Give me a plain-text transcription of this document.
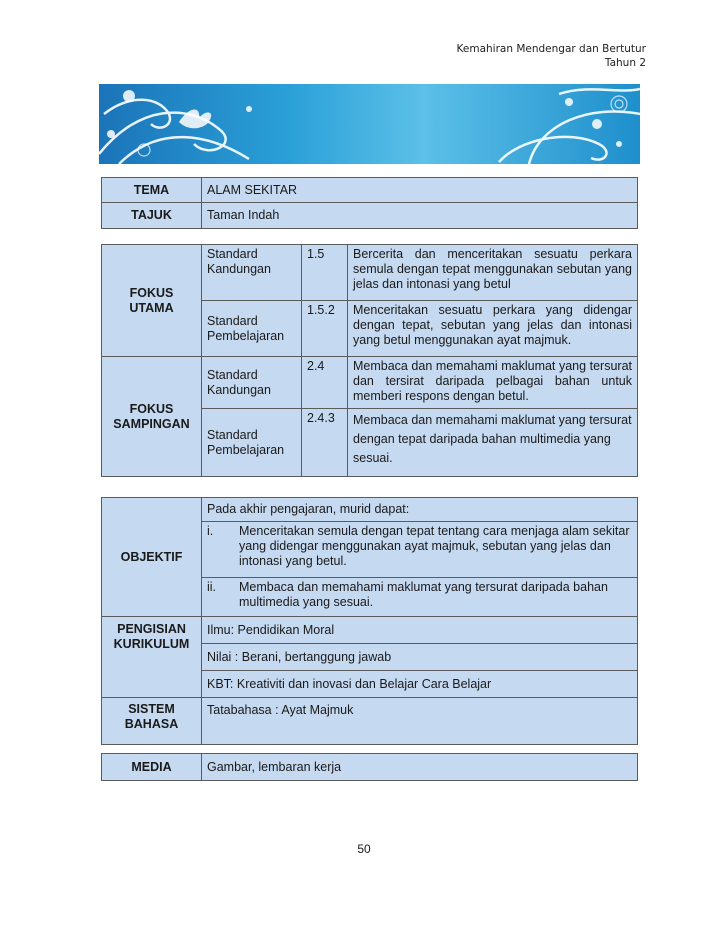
Kemahiran Mendengar dan Bertutur
Tahun 2
TEMA	ALAM SEKITAR
TAJUK	Taman Indah
FOKUS UTAMA	Standard Kandungan	1.5	Bercerita dan menceritakan sesuatu perkara semula dengan tepat menggunakan sebutan yang jelas dan intonasi yang betul
	Standard Pembelajaran	1.5.2	Menceritakan sesuatu perkara yang didengar dengan tepat, sebutan yang jelas dan intonasi yang betul menggunakan ayat majmuk.
FOKUS SAMPINGAN	Standard Kandungan	2.4	Membaca dan memahami maklumat yang tersurat dan tersirat daripada pelbagai bahan untuk memberi respons dengan betul.
	Standard Pembelajaran	2.4.3	Membaca dan memahami maklumat yang tersurat dengan tepat daripada bahan multimedia yang sesuai.
OBJEKTIF	Pada akhir pengajaran, murid dapat:

	i. Menceritakan semula dengan tepat tentang cara menjaga alam sekitar yang didengar menggunakan ayat majmuk, sebutan yang jelas dan intonasi yang betul.

	ii. Membaca dan memahami maklumat yang tersurat daripada bahan multimedia yang sesuai.

PENGISIAN KURIKULUM	Ilmu: Pendidikan Moral
	Nilai : Berani, bertanggung jawab
	KBT: Kreativiti dan inovasi dan Belajar Cara Belajar
SISTEM BAHASA	Tatabahasa : Ayat Majmuk
MEDIA	Gambar, lembaran kerja
50
